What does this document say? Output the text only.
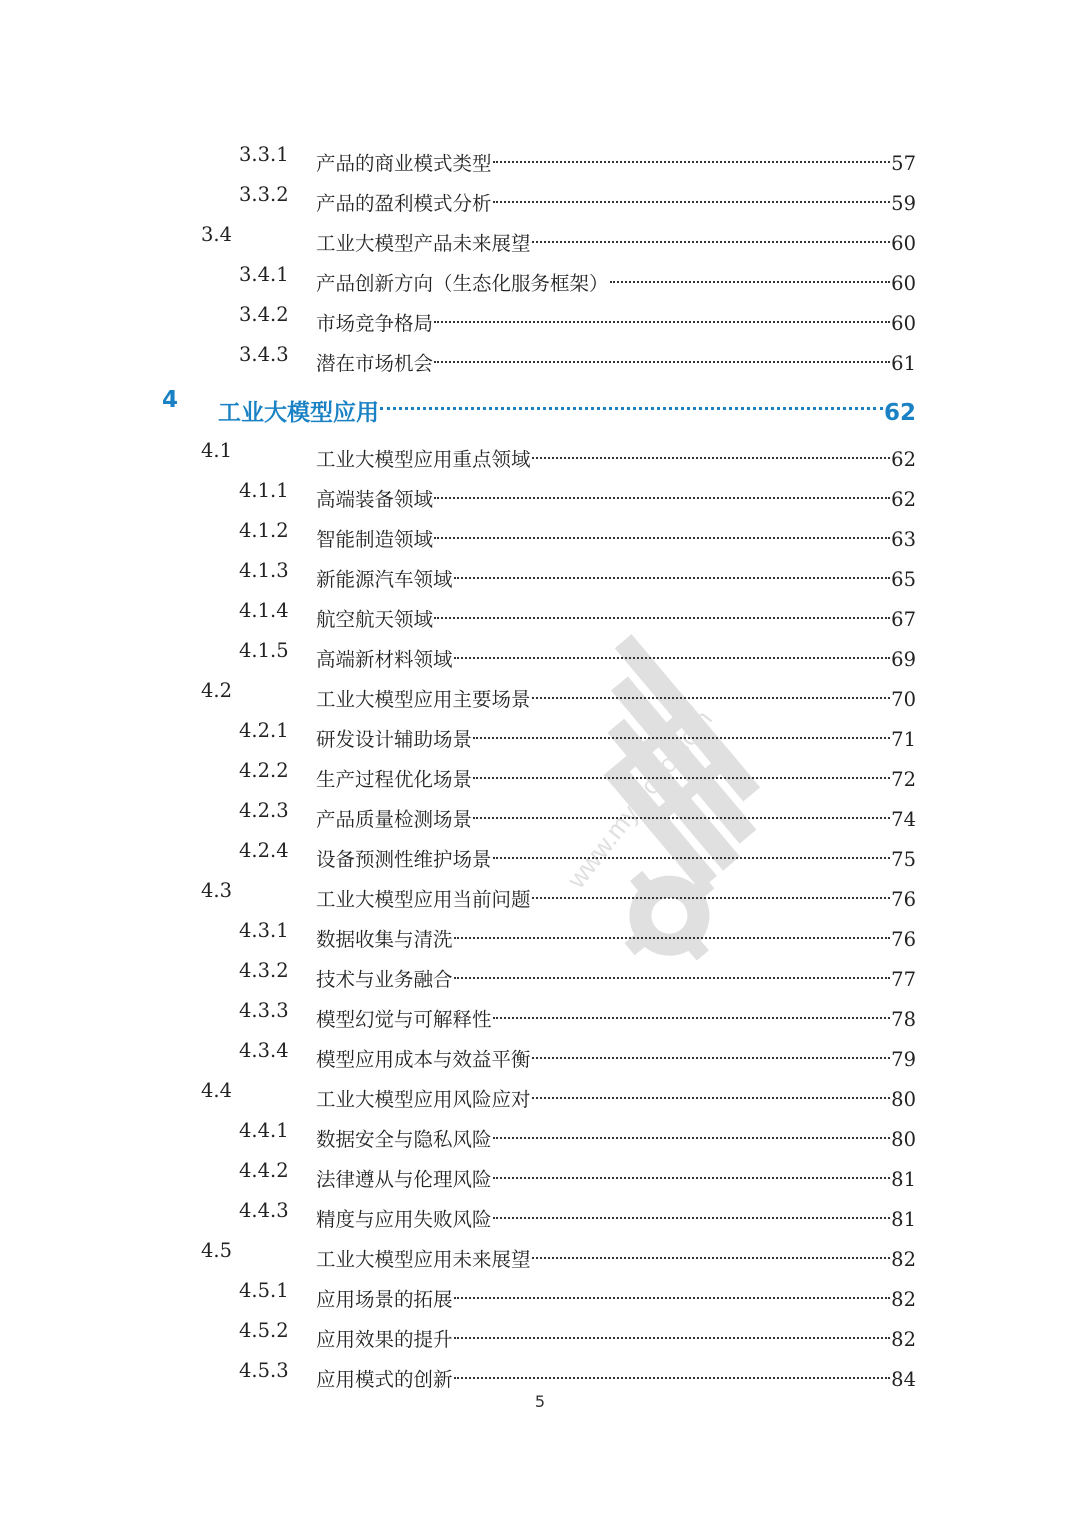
3.3.1 产品的商业模式类型	57
3.3.2 产品的盈利模式分析	59
3.4	工业大模型产品未来展望	60
3.4.1 产品创新方向（生态化服务框架）	60
3.4.2 市场竞争格局	60
3.4.3 潜在市场机会	61
4 工业大模型应用	62
4.1	工业大模型应用重点领域	62
4.1.1 高端装备领域	62
4.1.2 智能制造领域	63
4.1.3 新能源汽车领域	65
4.1.4 航空航天领域	67
4.1.5 高端新材料领域	69
4.2	工业大模型应用主要场景	70
4.2.1 研发设计辅助场景	71
4.2.2 生产过程优化场景	72
4.2.3 产品质量检测场景	74
4.2.4 设备预测性维护场景	75
4.3	工业大模型应用当前问题	76
4.3.1 数据收集与清洗	76
4.3.2 技术与业务融合	77
4.3.3 模型幻觉与可解释性	78
4.3.4 模型应用成本与效益平衡	79
4.4	工业大模型应用风险应对	80
4.4.1 数据安全与隐私风险	80
4.4.2 法律遵从与伦理风险	81
4.4.3 精度与应用失败风险	81
4.5	工业大模型应用未来展望	82
4.5.1 应用场景的拓展	82
4.5.2 应用效果的提升	82
4.5.3 应用模式的创新	84
5
www.mymoco.com
